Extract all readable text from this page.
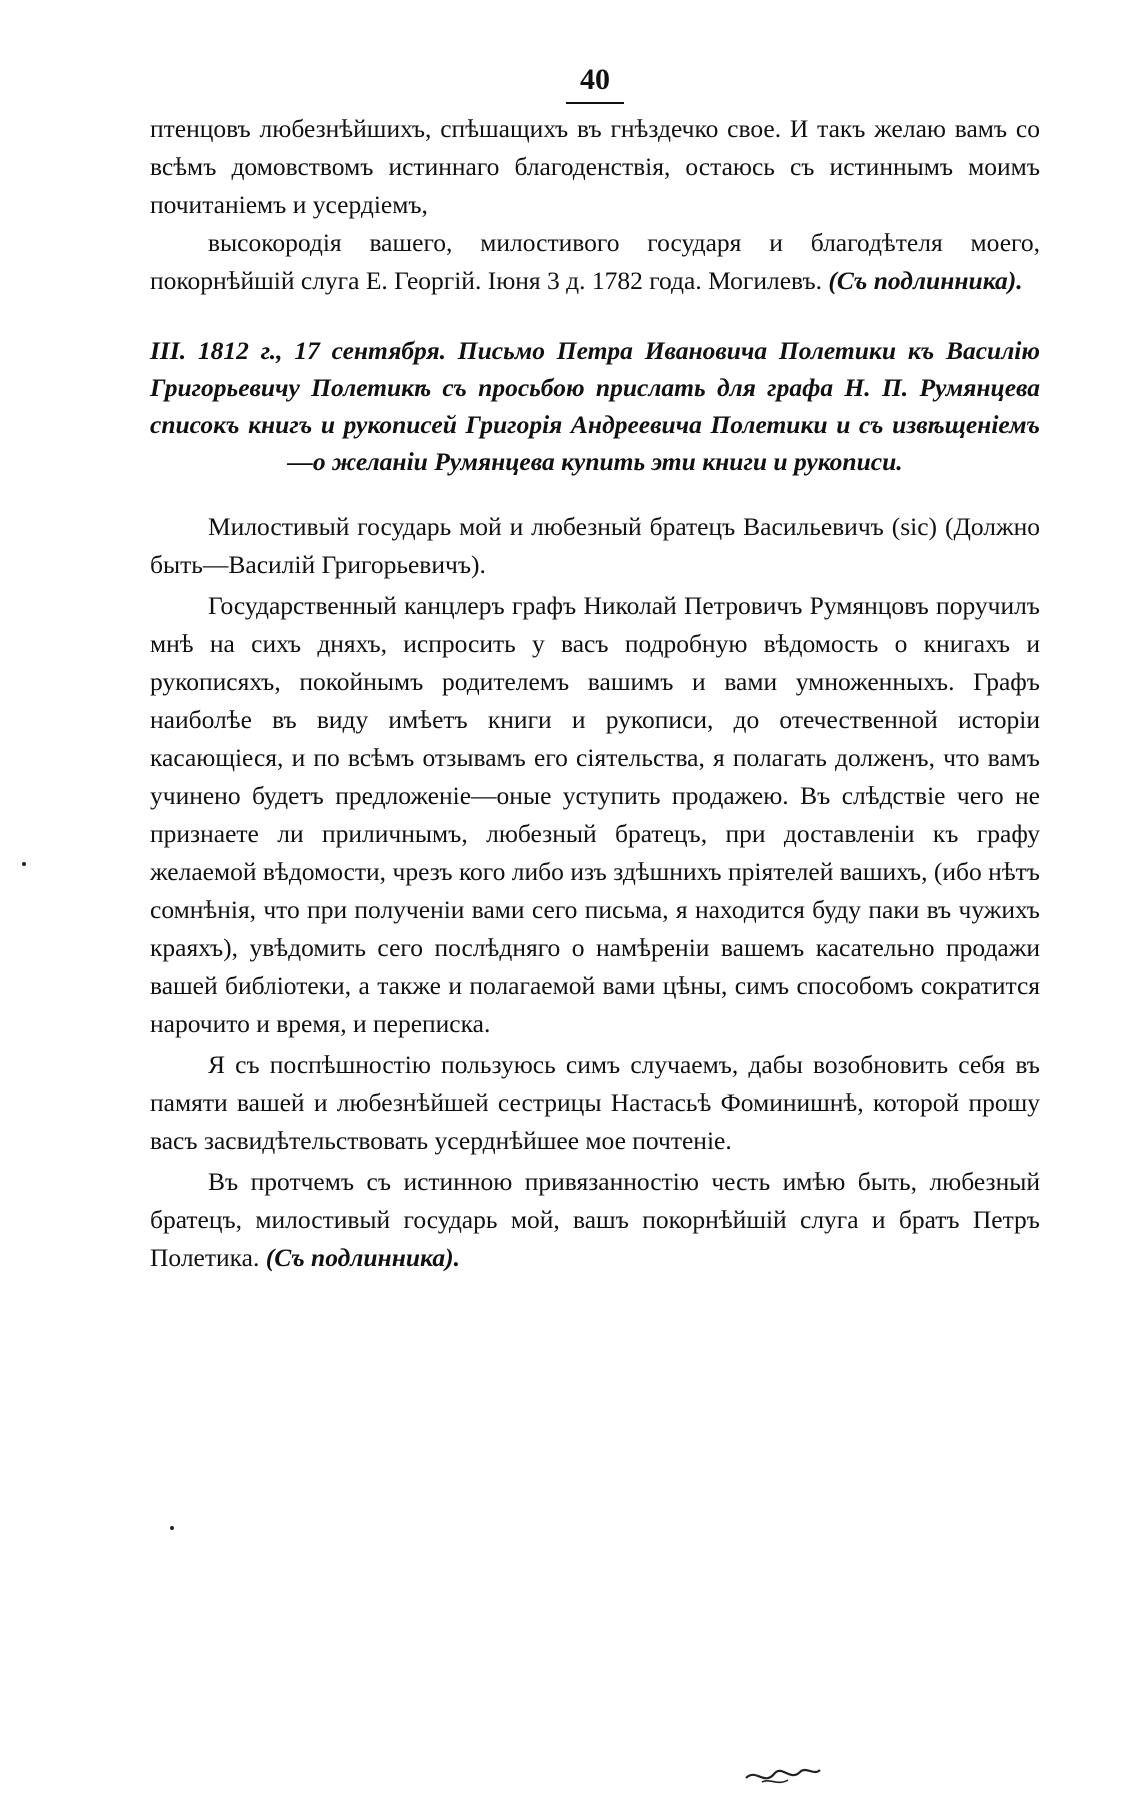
40

птенцовъ любезнѣйшихъ, спѣшащихъ въ гнѣздечко свое. И такъ желаю вамъ со всѣмъ домовствомъ истиннаго благоденствія, остаюсь съ истиннымъ моимъ почитаніемъ и усердіемъ,

высокородія вашего, милостивого государя и благодѣтеля моего, покорнѣйшій слуга Е. Георгій. Іюня 3 д. 1782 года. Могилевъ. (Съ подлинника).

III. 1812 г., 17 сентября. Письмо Петра Ивановича Полетики къ Василію Григорьевичу Полетикѣ съ просьбою прислать для графа Н. П. Румянцева списокъ книгъ и рукописей Григорія Андреевича Полетики и съ извѣщеніемъ—о желаніи Румянцева купить эти книги и рукописи.

Милостивый государь мой и любезный братецъ Васильевичъ (sic) (Должно быть—Василій Григорьевичъ).

Государственный канцлеръ графъ Николай Петровичъ Румянцовъ поручилъ мнѣ на сихъ дняхъ, испросить у васъ подробную вѣдомость о книгахъ и рукописяхъ, покойнымъ родителемъ вашимъ и вами умноженныхъ. Графъ наиболѣе въ виду имѣетъ книги и рукописи, до отечественной исторіи касающіеся, и по всѣмъ отзывамъ его сіятельства, я полагать долженъ, что вамъ учинено будетъ предложеніе—оные уступить продажею. Въ слѣдствіе чего не признаете ли приличнымъ, любезный братецъ, при доставленіи къ графу желаемой вѣдомости, чрезъ кого либо изъ здѣшнихъ пріятелей вашихъ, (ибо нѣтъ сомнѣнія, что при полученіи вами сего письма, я находится буду паки въ чужихъ краяхъ), увѣдомить сего послѣдняго о намѣреніи вашемъ касательно продажи вашей библіотеки, а также и полагаемой вами цѣны, симъ способомъ сократится нарочито и время, и переписка.

Я съ поспѣшностію пользуюсь симъ случаемъ, дабы возобновить себя въ памяти вашей и любезнѣйшей сестрицы Настасьѣ Фоминишнѣ, которой прошу васъ засвидѣтельствовать усерднѣйшее мое почтеніе.

Въ протчемъ съ истинною привязанностію честь имѣю быть, любезный братецъ, милостивый государь мой, вашъ покорнѣйшій слуга и братъ Петръ Полетика. (Съ подлинника).
